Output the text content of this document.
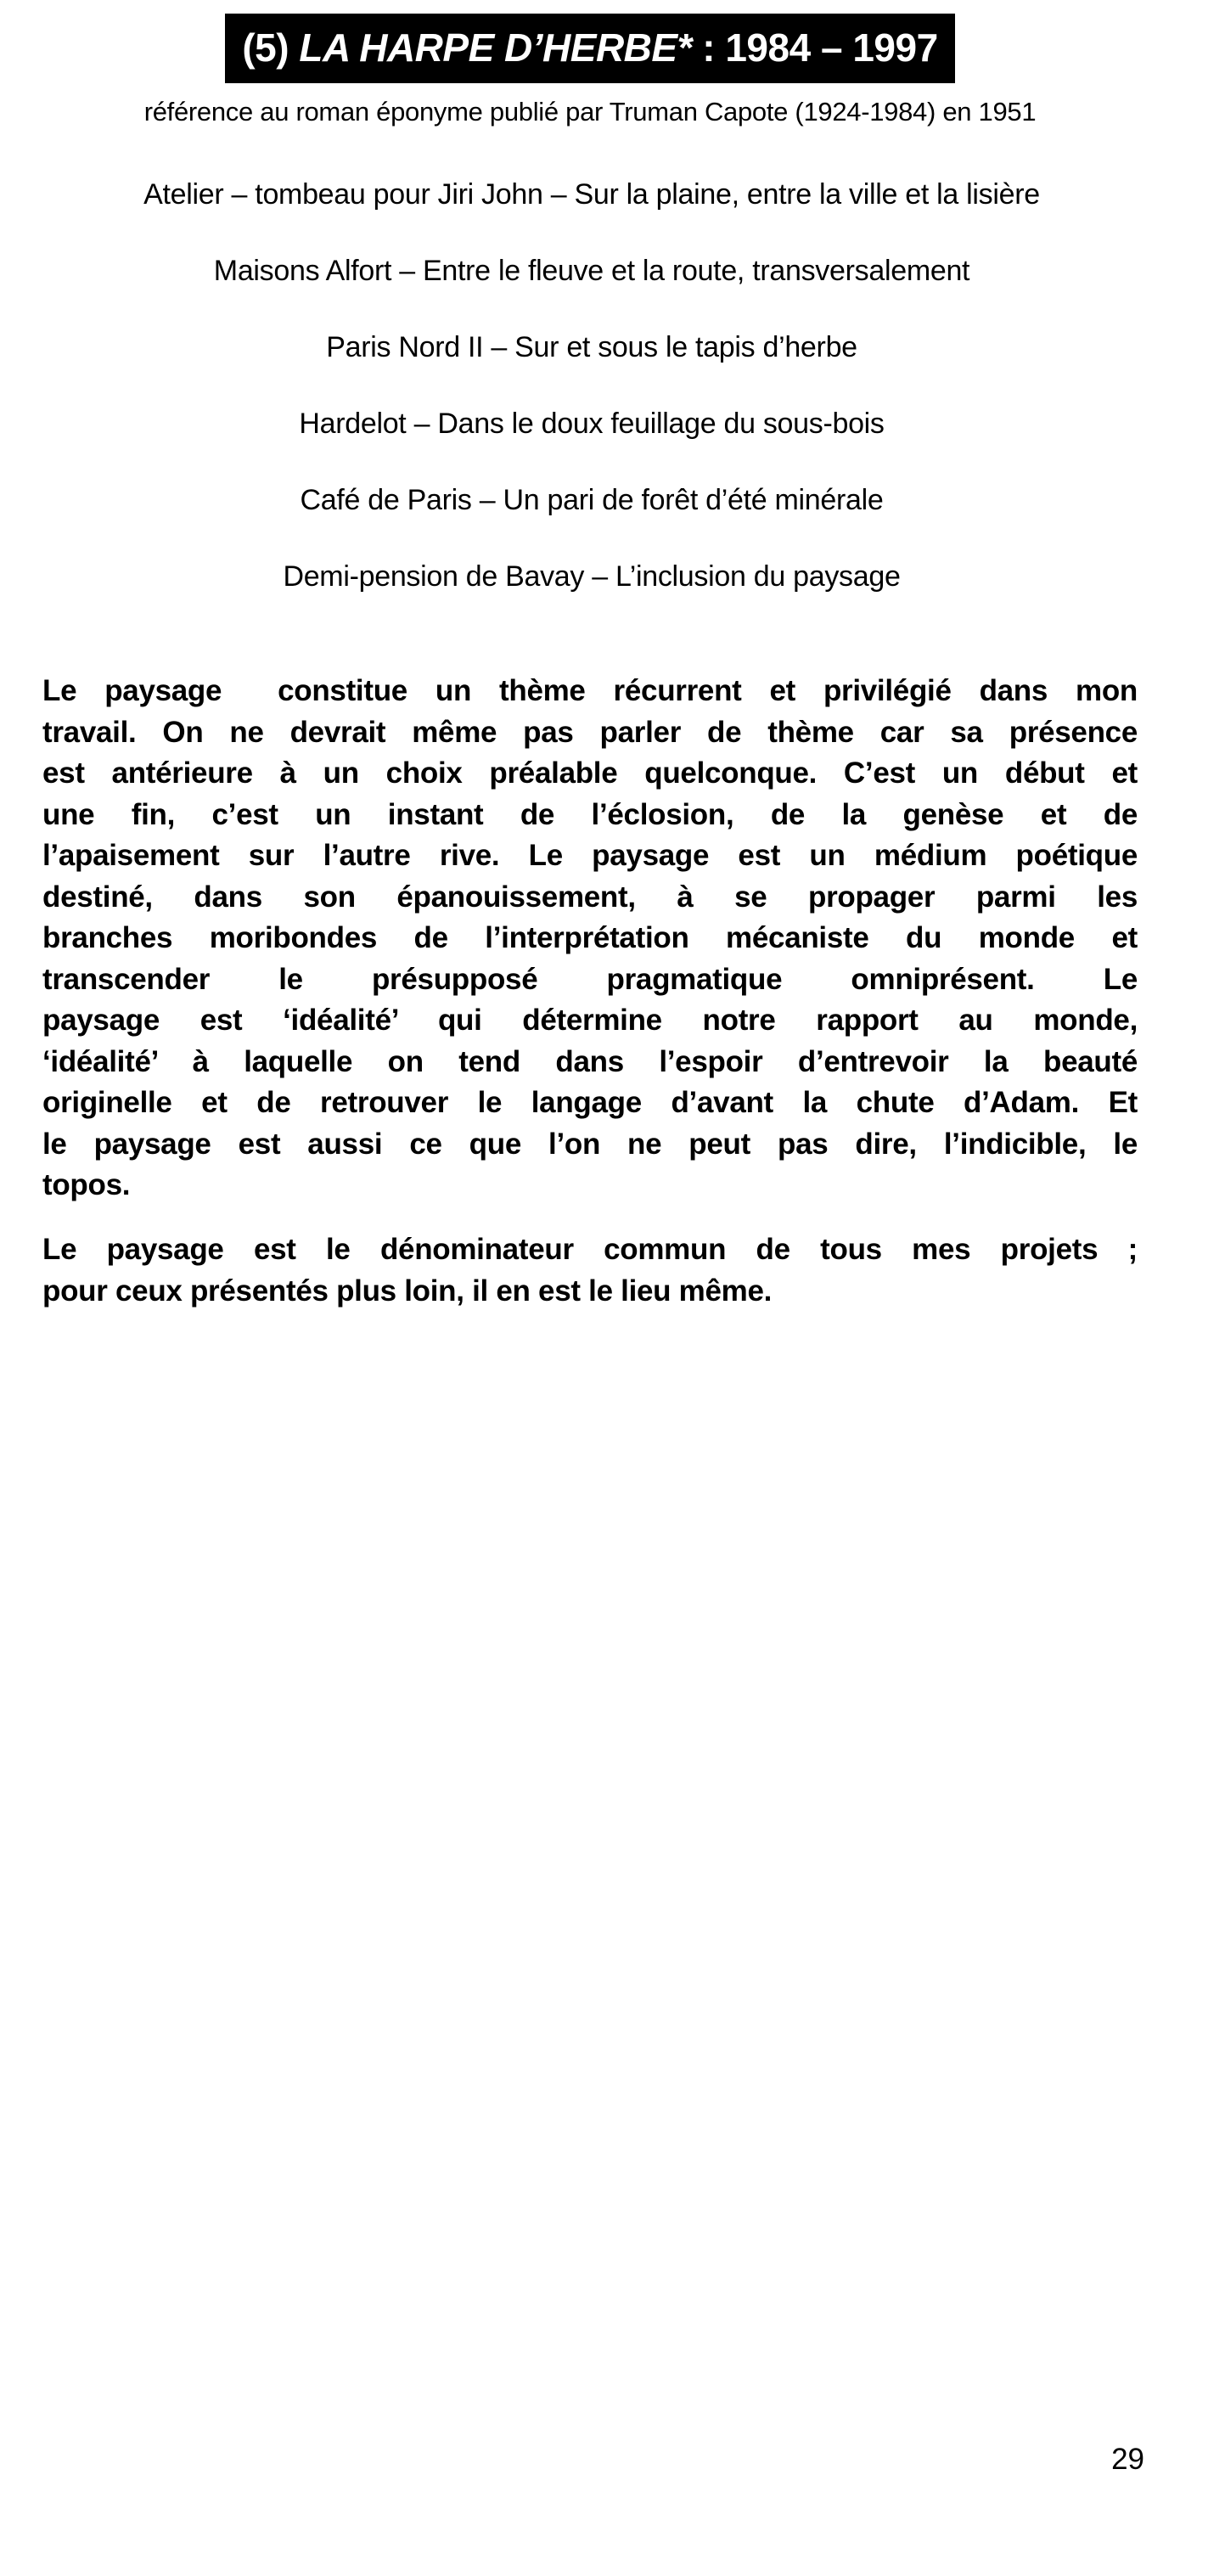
(5) LA HARPE D’HERBE* : 1984 – 1997
référence au roman éponyme publié par Truman Capote (1924-1984) en 1951
Atelier – tombeau pour Jiri John – Sur la plaine, entre la ville et la lisière
Maisons Alfort – Entre le fleuve et la route, transversalement
Paris Nord II – Sur et sous le tapis d’herbe
Hardelot – Dans le doux feuillage du sous-bois
Café de Paris – Un pari de forêt d’été minérale
Demi-pension de Bavay – L’inclusion du paysage
Le paysage  constitue un thème récurrent et privilégié dans mon
travail. On ne devrait même pas parler de thème car sa présence
est antérieure à un choix préalable quelconque. C’est un début et
une fin, c’est un instant de l’éclosion, de la genèse et de
l’apaisement sur l’autre rive. Le paysage est un médium poétique
destiné, dans son épanouissement, à se propager parmi les
branches moribondes de l’interprétation mécaniste du monde et
transcender le présupposé pragmatique omniprésent. Le
paysage est ‘idéalité’ qui détermine notre rapport au monde,
‘idéalité’ à laquelle on tend dans l’espoir d’entrevoir la beauté
originelle et de retrouver le langage d’avant la chute d’Adam. Et
le paysage est aussi ce que l’on ne peut pas dire, l’indicible, le
topos.
Le paysage est le dénominateur commun de tous mes projets ;
pour ceux présentés plus loin, il en est le lieu même.
29
